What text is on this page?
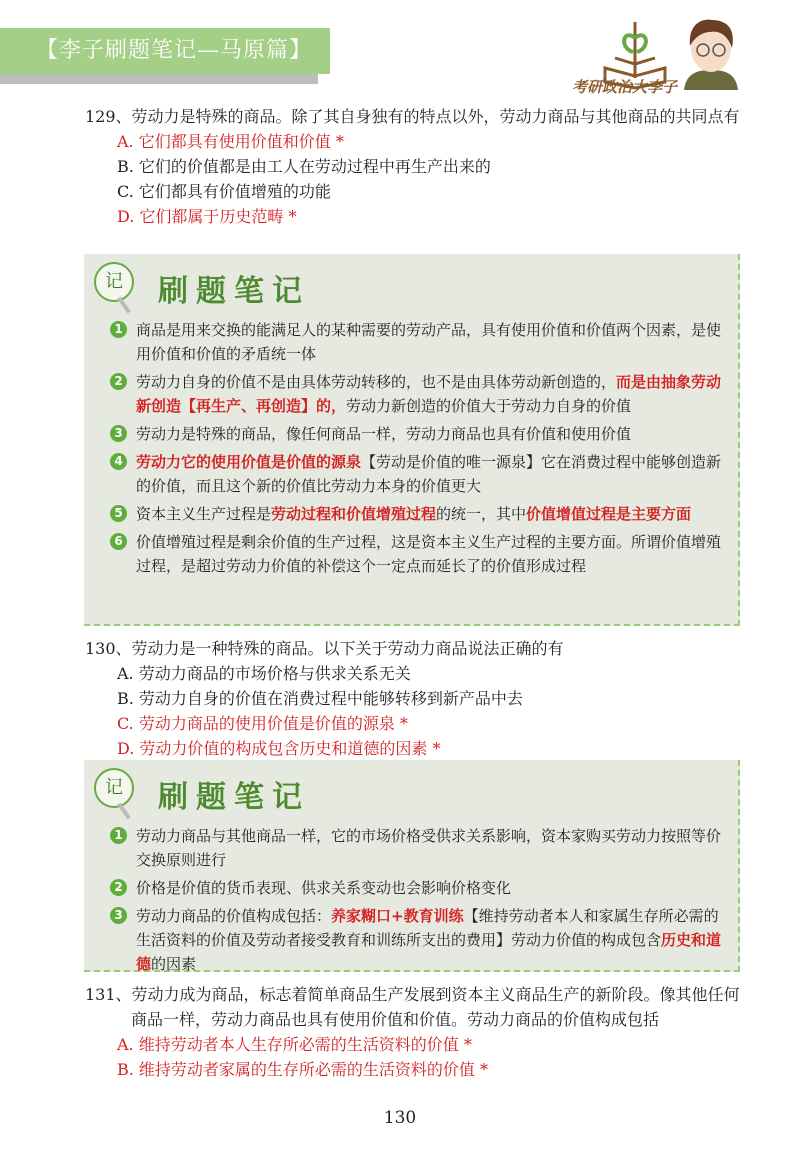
【李子刷题笔记—马原篇】
考研政治大李子
129、劳动力是特殊的商品。除了其自身独有的特点以外，劳动力商品与其他商品的共同点有
A. 它们都具有使用价值和价值 *
B. 它们的价值都是由工人在劳动过程中再生产出来的
C. 它们都具有价值增殖的功能
D. 它们都属于历史范畴 *
记	刷题笔记
1 商品是用来交换的能满足人的某种需要的劳动产品，具有使用价值和价值两个因素，是使用价值和价值的矛盾统一体
2 劳动力自身的价值不是由具体劳动转移的，也不是由具体劳动新创造的，而是由抽象劳动新创造【再生产、再创造】的，劳动力新创造的价值大于劳动力自身的价值
3 劳动力是特殊的商品，像任何商品一样，劳动力商品也具有价值和使用价值
4 劳动力它的使用价值是价值的源泉【劳动是价值的唯一源泉】它在消费过程中能够创造新的价值，而且这个新的价值比劳动力本身的价值更大
5 资本主义生产过程是劳动过程和价值增殖过程的统一，其中价值增值过程是主要方面
6 价值增殖过程是剩余价值的生产过程，这是资本主义生产过程的主要方面。所谓价值增殖过程，是超过劳动力价值的补偿这个一定点而延长了的价值形成过程
130、劳动力是一种特殊的商品。以下关于劳动力商品说法正确的有
A. 劳动力商品的市场价格与供求关系无关
B. 劳动力自身的价值在消费过程中能够转移到新产品中去
C. 劳动力商品的使用价值是价值的源泉 *
D. 劳动力价值的构成包含历史和道德的因素 *
记	刷题笔记
1 劳动力商品与其他商品一样，它的市场价格受供求关系影响，资本家购买劳动力按照等价交换原则进行
2 价格是价值的货币表现、供求关系变动也会影响价格变化
3 劳动力商品的价值构成包括：养家糊口+教育训练【维持劳动者本人和家属生存所必需的生活资料的价值及劳动者接受教育和训练所支出的费用】劳动力价值的构成包含历史和道德的因素
131、劳动力成为商品，标志着简单商品生产发展到资本主义商品生产的新阶段。像其他任何商品一样，劳动力商品也具有使用价值和价值。劳动力商品的价值构成包括
A. 维持劳动者本人生存所必需的生活资料的价值 *
B. 维持劳动者家属的生存所必需的生活资料的价值 *
130
